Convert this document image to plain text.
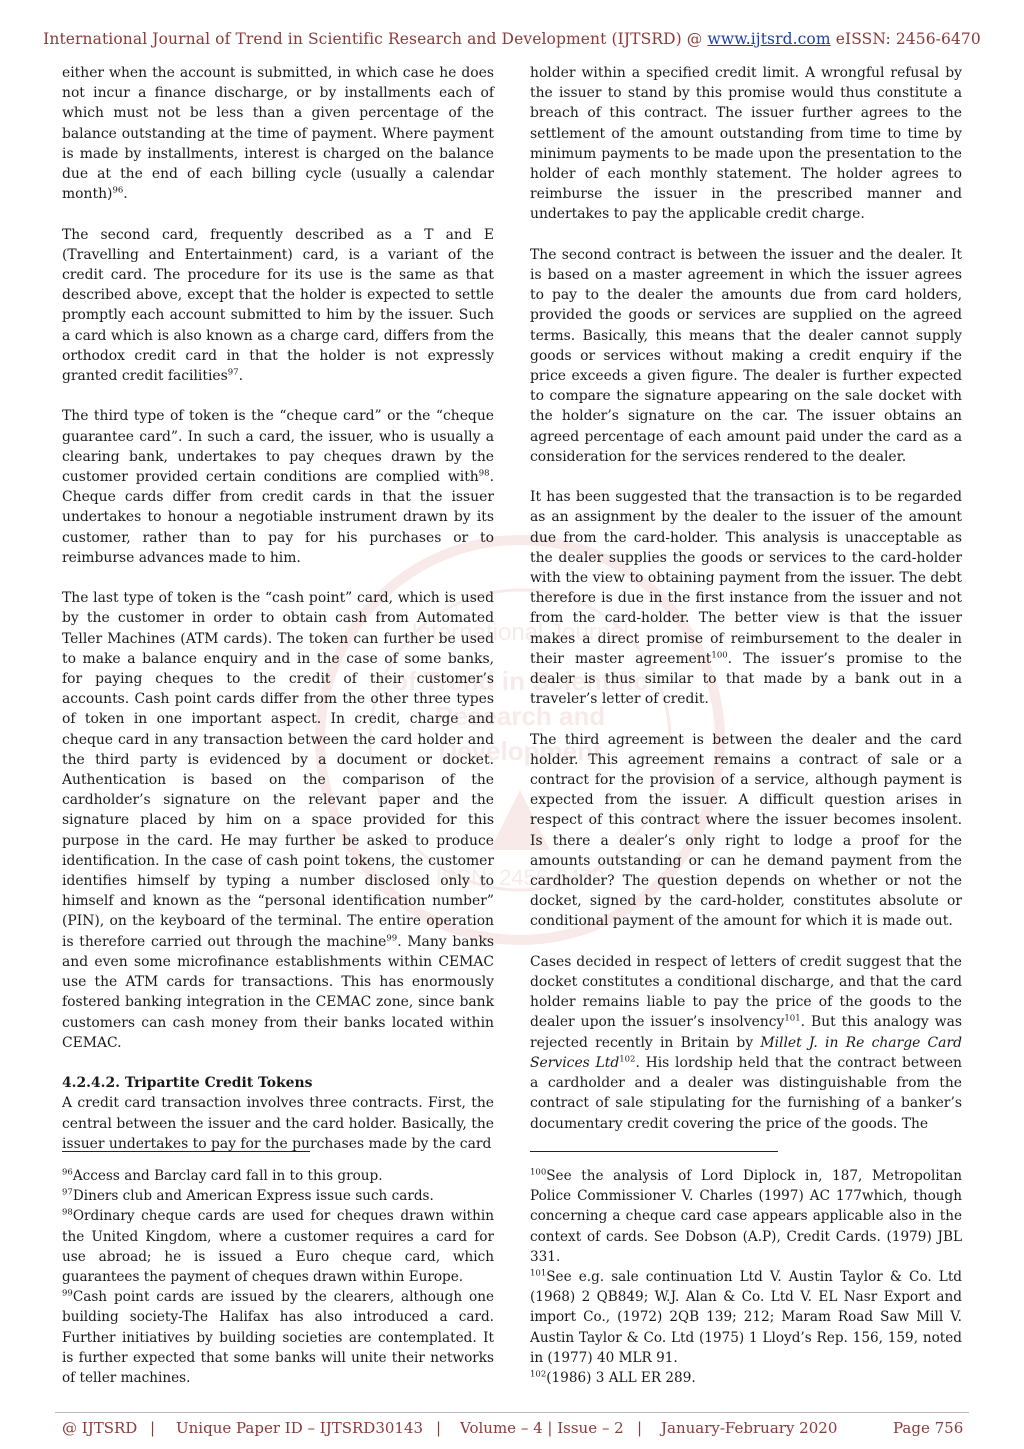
of Trend in Scientific
Research and
Development
International Journal
ISSN: 2456-6470
International Journal of Trend in Scientific Research and Development (IJTSRD) @ www.ijtsrd.com eISSN: 2456-6470

either when the account is submitted, in which case he does not incur a finance discharge, or by installments each of which must not be less than a given percentage of the balance outstanding at the time of payment. Where payment is made by installments, interest is charged on the balance due at the end of each billing cycle (usually a calendar month)$^{96}$.

The second card, frequently described as a T and E (Travelling and Entertainment) card, is a variant of the credit card. The procedure for its use is the same as that described above, except that the holder is expected to settle promptly each account submitted to him by the issuer. Such a card which is also known as a charge card, differs from the orthodox credit card in that the holder is not expressly granted credit facilities$^{97}$.

The third type of token is the “cheque card” or the “cheque guarantee card”. In such a card, the issuer, who is usually a clearing bank, undertakes to pay cheques drawn by the customer provided certain conditions are complied with$^{98}$. Cheque cards differ from credit cards in that the issuer undertakes to honour a negotiable instrument drawn by its customer, rather than to pay for his purchases or to reimburse advances made to him.

The last type of token is the “cash point” card, which is used by the customer in order to obtain cash from Automated Teller Machines (ATM cards). The token can further be used to make a balance enquiry and in the case of some banks, for paying cheques to the credit of their customer’s accounts. Cash point cards differ from the other three types of token in one important aspect. In credit, charge and cheque card in any transaction between the card holder and the third party is evidenced by a document or docket. Authentication is based on the comparison of the cardholder’s signature on the relevant paper and the signature placed by him on a space provided for this purpose in the card. He may further be asked to produce identification. In the case of cash point tokens, the customer identifies himself by typing a number disclosed only to himself and known as the “personal identification number” (PIN), on the keyboard of the terminal. The entire operation is therefore carried out through the machine$^{99}$. Many banks and even some microfinance establishments within CEMAC use the ATM cards for transactions. This has enormously fostered banking integration in the CEMAC zone, since bank customers can cash money from their banks located within CEMAC.

4.2.4.2. Tripartite Credit Tokens

A credit card transaction involves three contracts. First, the central between the issuer and the card holder. Basically, the issuer undertakes to pay for the purchases made by the card

holder within a specified credit limit. A wrongful refusal by the issuer to stand by this promise would thus constitute a breach of this contract. The issuer further agrees to the settlement of the amount outstanding from time to time by minimum payments to be made upon the presentation to the holder of each monthly statement. The holder agrees to reimburse the issuer in the prescribed manner and undertakes to pay the applicable credit charge.

The second contract is between the issuer and the dealer. It is based on a master agreement in which the issuer agrees to pay to the dealer the amounts due from card holders, provided the goods or services are supplied on the agreed terms. Basically, this means that the dealer cannot supply goods or services without making a credit enquiry if the price exceeds a given figure. The dealer is further expected to compare the signature appearing on the sale docket with the holder’s signature on the car. The issuer obtains an agreed percentage of each amount paid under the card as a consideration for the services rendered to the dealer.

It has been suggested that the transaction is to be regarded as an assignment by the dealer to the issuer of the amount due from the card-holder. This analysis is unacceptable as the dealer supplies the goods or services to the card-holder with the view to obtaining payment from the issuer. The debt therefore is due in the first instance from the issuer and not from the card-holder. The better view is that the issuer makes a direct promise of reimbursement to the dealer in their master agreement$^{100}$. The issuer’s promise to the dealer is thus similar to that made by a bank out in a traveler’s letter of credit.

The third agreement is between the dealer and the card holder. This agreement remains a contract of sale or a contract for the provision of a service, although payment is expected from the issuer. A difficult question arises in respect of this contract where the issuer becomes insolent. Is there a dealer’s only right to lodge a proof for the amounts outstanding or can he demand payment from the cardholder? The question depends on whether or not the docket, signed by the card-holder, constitutes absolute or conditional payment of the amount for which it is made out.

Cases decided in respect of letters of credit suggest that the docket constitutes a conditional discharge, and that the card holder remains liable to pay the price of the goods to the dealer upon the issuer’s insolvency$^{101}$. But this analogy was rejected recently in Britain by Millet J. in Re charge Card Services Ltd$^{102}$. His lordship held that the contract between a cardholder and a dealer was distinguishable from the contract of sale stipulating for the furnishing of a banker’s documentary credit covering the price of the goods. The

$^{96}$Access and Barclay card fall in to this group.

$^{97}$Diners club and American Express issue such cards.

$^{98}$Ordinary cheque cards are used for cheques drawn within the United Kingdom, where a customer requires a card for use abroad; he is issued a Euro cheque card, which guarantees the payment of cheques drawn within Europe.

$^{99}$Cash point cards are issued by the clearers, although one building society-The Halifax has also introduced a card. Further initiatives by building societies are contemplated. It is further expected that some banks will unite their networks of teller machines.

$^{100}$See the analysis of Lord Diplock in, 187, Metropolitan Police Commissioner V. Charles (1997) AC 177which, though concerning a cheque card case appears applicable also in the context of cards. See Dobson (A.P), Credit Cards. (1979) JBL 331.

$^{101}$See e.g. sale continuation Ltd V. Austin Taylor & Co. Ltd (1968) 2 QB849; W.J. Alan & Co. Ltd V. EL Nasr Export and import Co., (1972) 2QB 139; 212; Maram Road Saw Mill V. Austin Taylor & Co. Ltd (1975) 1 Lloyd’s Rep. 156, 159, noted in (1977) 40 MLR 91.

$^{102}$(1986) 3 ALL ER 289.

@ IJTSRD | Unique Paper ID – IJTSRD30143 | Volume – 4 | Issue – 2 | January-February 2020	Page 756
